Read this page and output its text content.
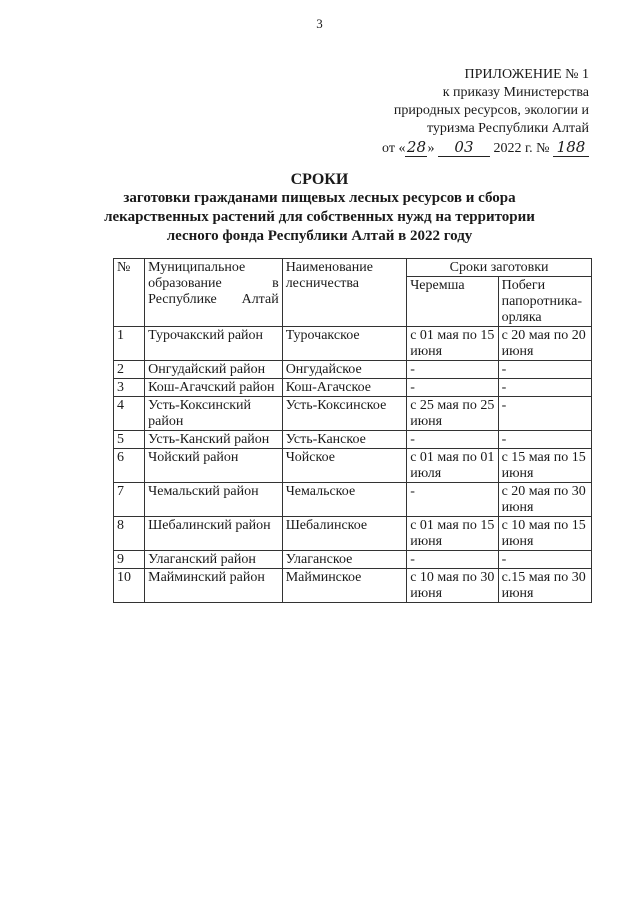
3
ПРИЛОЖЕНИЕ № 1
к приказу Министерства
природных ресурсов, экологии и
туризма Республики Алтай
от «28» 03 2022 г. № 188
СРОКИ
заготовки гражданами пищевых лесных ресурсов и сбора
лекарственных растений для собственных нужд на территории
лесного фонда Республики Алтай в 2022 году
№	Муниципальное образование в Республике Алтай	Наименование лесничества	Сроки заготовки	
			Черемша	Побеги папоротника-орляка
1	Турочакский район	Турочакское	с 01 мая по 15 июня	с 20 мая по 20 июня
2	Онгудайский район	Онгудайское	-	-
3	Кош-Агачский район	Кош-Агачское	-	-
4	Усть-Коксинский район	Усть-Коксинское	с 25 мая по 25 июня	-
5	Усть-Канский район	Усть-Канское	-	-
6	Чойский район	Чойское	с 01 мая по 01 июля	с 15 мая по 15 июня
7	Чемальский район	Чемальское	-	с 20 мая по 30 июня
8	Шебалинский район	Шебалинское	с 01 мая по 15 июня	с 10 мая по 15 июня
9	Улаганский район	Улаганское	-	-
10	Майминский район	Майминское	с 10 мая по 30 июня	с.15 мая по 30 июня
